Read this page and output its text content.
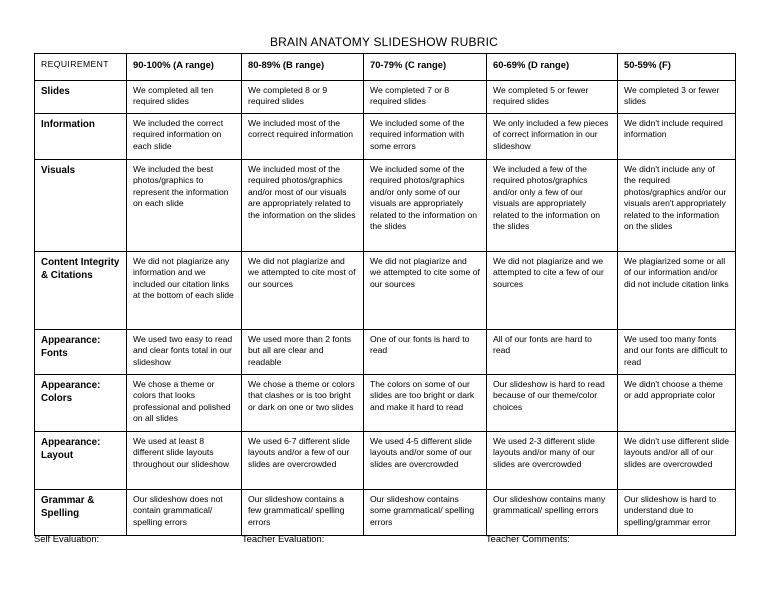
BRAIN ANATOMY SLIDESHOW RUBRIC
REQUIREMENT	90-100% (A range)	80-89% (B range)	70-79% (C range)	60-69% (D range)	50-59% (F)
Slides	We completed all ten required slides	We completed 8 or 9 required slides	We completed 7 or 8 required slides	We completed 5 or fewer required slides	We completed 3 or fewer slides
Information	We included the correct required information on each slide	We included most of the correct required information	We included some of the required information with some errors	We only included a few pieces of correct information in our slideshow	We didn't include required information
Visuals	We included the best photos/graphics to represent the information on each slide	We included most of the required photos/graphics and/or most of our visuals are appropriately related to the information on the slides	We included some of the required photos/graphics and/or only some of our visuals are appropriately related to the information on the slides	We included a few of the required photos/graphics and/or only a few of our visuals are appropriately related to the information on the slides	We didn't include any of the required photos/graphics and/or our visuals aren't appropriately related to the information on the slides
Content Integrity & Citations	We did not plagiarize any information and we included our citation links at the bottom of each slide	We did not plagiarize and we attempted to cite most of our sources	We did not plagiarize and we attempted to cite some of our sources	We did not plagiarize and we attempted to cite a few of our sources	We plagiarized some or all of our information and/or did not include citation links
Appearance: Fonts	We used two easy to read and clear fonts total in our slideshow	We used more than 2 fonts but all are clear and readable	One of our fonts is hard to read	All of our fonts are hard to read	We used too many fonts and our fonts are difficult to read
Appearance: Colors	We chose a theme or colors that looks professional and polished on all slides	We chose a theme or colors that clashes or is too bright or dark on one or two slides	The colors on some of our slides are too bright or dark and make it hard to read	Our slideshow is hard to read because of our theme/color choices	We didn't choose a theme or add appropriate color
Appearance: Layout	We used at least 8 different slide layouts throughout our slideshow	We used 6-7 different slide layouts and/or a few of our slides are overcrowded	We used 4-5 different slide layouts and/or some of our slides are overcrowded	We used 2-3 different slide layouts and/or many of our slides are overcrowded	We didn't use different slide layouts and/or all of our slides are overcrowded
Grammar & Spelling	Our slideshow does not contain grammatical/ spelling errors	Our slideshow contains a few grammatical/ spelling errors	Our slideshow contains some grammatical/ spelling errors	Our slideshow contains many grammatical/ spelling errors	Our slideshow is hard to understand due to spelling/grammar error
Self Evaluation:	Teacher Evaluation:	Teacher Comments:
